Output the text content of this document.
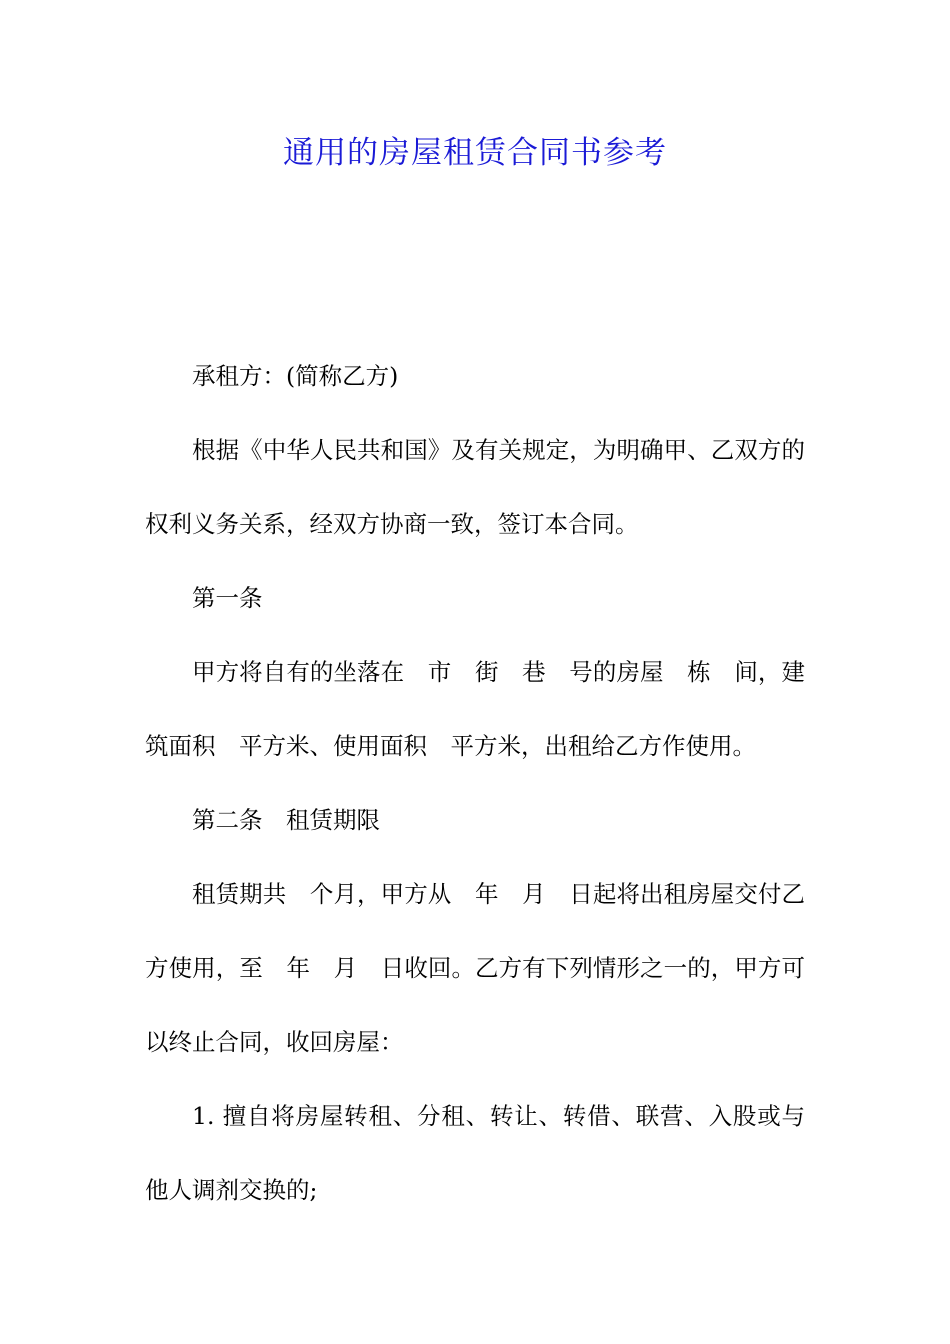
通用的房屋租赁合同书参考

承租方：(简称乙方)

根据《中华人民共和国》及有关规定，为明确甲、乙双方的权利义务关系，经双方协商一致，签订本合同。

第一条

甲方将自有的坐落在　市　街　巷　号的房屋　栋　间，建筑面积　平方米、使用面积　平方米，出租给乙方作使用。

第二条　租赁期限

租赁期共　个月，甲方从　年　月　日起将出租房屋交付乙方使用，至　年　月　日收回。乙方有下列情形之一的，甲方可以终止合同，收回房屋：

1. 擅自将房屋转租、分租、转让、转借、联营、入股或与他人调剂交换的;
